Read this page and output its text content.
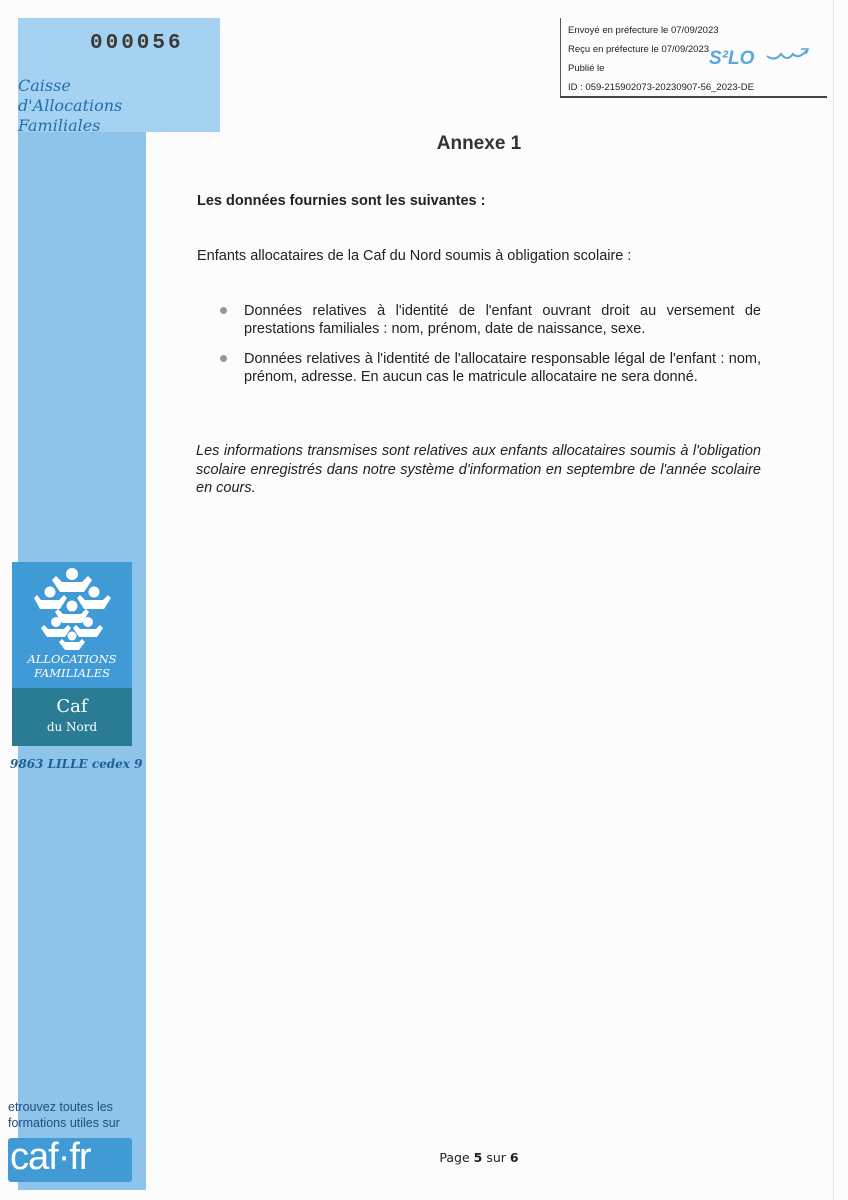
000056
Caisse
d'Allocations Familiales
ALLOCATIONS
FAMILIALES
Caf
du Nord
9863 LILLE cedex 9
etrouvez toutes les
formations utiles sur
caf·fr
Envoyé en préfecture le 07/09/2023
Reçu en préfecture le 07/09/2023
Publié le
ID : 059-215902073-20230907-56_2023-DE
S²LO
Annexe 1
Les données fournies sont les suivantes :
Enfants allocataires de la Caf du Nord soumis à obligation scolaire :
Données relatives à l'identité de l'enfant ouvrant droit au versement de prestations familiales : nom, prénom, date de naissance, sexe.
Données relatives à l'identité de l'allocataire responsable légal de l'enfant : nom, prénom, adresse. En aucun cas le matricule allocataire ne sera donné.
Les informations transmises sont relatives aux enfants allocataires soumis à l'obligation scolaire enregistrés dans notre système d'information en septembre de l'année scolaire en cours.
Page 5 sur 6
